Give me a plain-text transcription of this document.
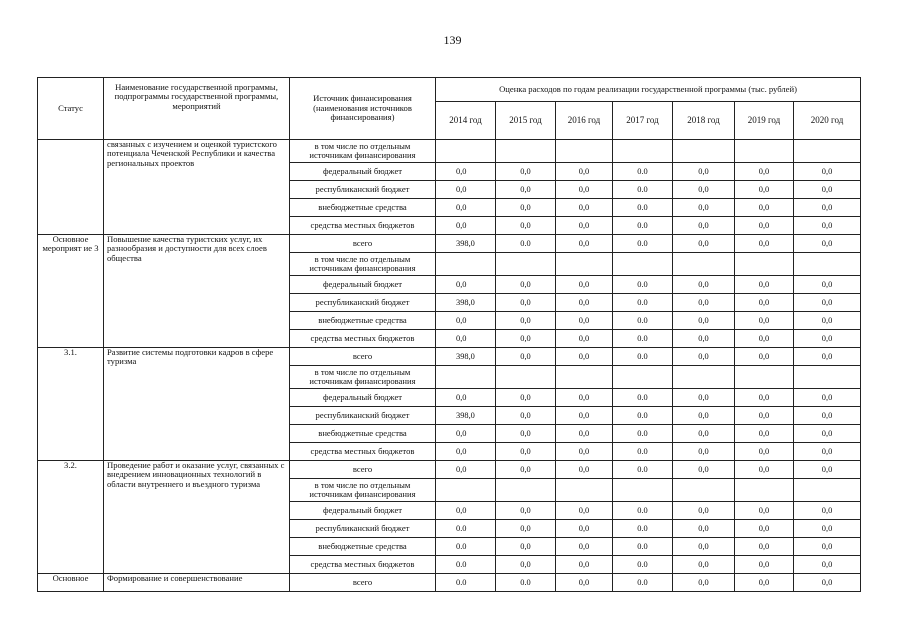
139
Статус	Наименование государственной программы, подпрограммы государственной программы, мероприятий	Источник финансирования (наименования источников финансирования)	Оценка расходов по годам реализации государственной программы (тыс. рублей)						
			2014 год	2015 год	2016 год	2017 год	2018 год	2019 год	2020 год
	связанных с изучением и оценкой туристского потенциала Чеченской Республики и качества региональных проектов	в том числе по отдельным источникам финансирования							
		федеральный бюджет	0,0	0,0	0,0	0.0	0,0	0,0	0,0
		республиканский бюджет	0,0	0,0	0,0	0.0	0,0	0,0	0,0
		внебюджетные средства	0,0	0,0	0,0	0.0	0,0	0,0	0,0
		средства местных бюджетов	0,0	0,0	0,0	0.0	0,0	0,0	0,0
Основное мероприят ие 3	Повышение качества туристских услуг, их разнообразия и доступности для всех слоев общества	всего	398,0	0.0	0,0	0.0	0,0	0,0	0,0
		в том числе по отдельным источникам финансирования							
		федеральный бюджет	0,0	0,0	0,0	0.0	0,0	0,0	0,0
		республиканский бюджет	398,0	0,0	0,0	0.0	0,0	0,0	0,0
		внебюджетные средства	0,0	0,0	0,0	0.0	0,0	0,0	0,0
		средства местных бюджетов	0,0	0,0	0,0	0.0	0,0	0,0	0,0
3.1.	Развитие системы подготовки кадров в сфере туризма	всего	398,0	0,0	0,0	0.0	0,0	0,0	0,0
		в том числе по отдельным источникам финансирования							
		федеральный бюджет	0,0	0,0	0,0	0.0	0,0	0,0	0,0
		республиканский бюджет	398,0	0,0	0,0	0.0	0,0	0,0	0,0
		внебюджетные средства	0,0	0,0	0,0	0.0	0,0	0,0	0,0
		средства местных бюджетов	0,0	0,0	0,0	0.0	0,0	0,0	0,0
3.2.	Проведение работ и оказание услуг, связанных с внедрением инновационных технологий в области внутреннего и въездного туризма	всего	0,0	0,0	0,0	0.0	0,0	0,0	0,0
		в том числе по отдельным источникам финансирования							
		федеральный бюджет	0,0	0,0	0,0	0.0	0,0	0,0	0,0
		республиканский бюджет	0.0	0,0	0,0	0.0	0,0	0,0	0,0
		внебюджетные средства	0.0	0,0	0,0	0.0	0,0	0,0	0,0
		средства местных бюджетов	0.0	0,0	0,0	0.0	0,0	0,0	0,0
Основное	Формирование и совершенствование	всего	0.0	0.0	0,0	0.0	0,0	0,0	0,0
